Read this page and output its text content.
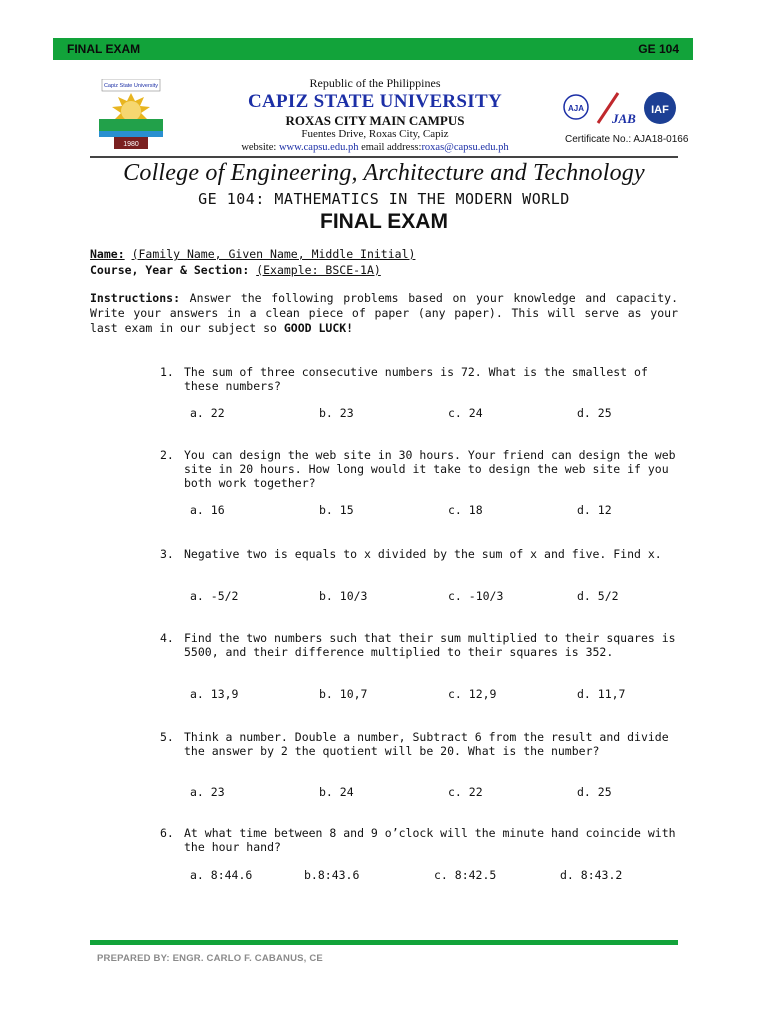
FINAL EXAM	GE 104
Capiz State University
1980
Republic of the Philippines
CAPIZ STATE UNIVERSITY
ROXAS CITY MAIN CAMPUS
Fuentes Drive, Roxas City, Capiz
website: www.capsu.edu.ph email address:roxas@capsu.edu.ph
AJA
JAB
IAF
Certificate No.: AJA18-0166
College of Engineering, Architecture and Technology
GE 104: MATHEMATICS IN THE MODERN WORLD
FINAL EXAM
Name: (Family Name, Given Name, Middle Initial)
Course, Year & Section: (Example: BSCE-1A)
Instructions: Answer the following problems based on your knowledge and capacity. Write your answers in a clean piece of paper (any paper). This will serve as your last exam in our subject so GOOD LUCK!
1. The sum of three consecutive numbers is 72. What is the smallest of these numbers?
a. 22	b. 23	c. 24	d. 25
2. You can design the web site in 30 hours. Your friend can design the web site in 20 hours. How long would it take to design the web site if you both work together?
a. 16	b. 15	c. 18	d. 12
3. Negative two is equals to x divided by the sum of x and five. Find x.
a. -5/2	b. 10/3	c. -10/3	d. 5/2
4. Find the two numbers such that their sum multiplied to their squares is 5500, and their difference multiplied to their squares is 352.
a. 13,9	b. 10,7	c. 12,9	d. 11,7
5. Think a number. Double a number, Subtract 6 from the result and divide the answer by 2 the quotient will be 20. What is the number?
a. 23	b. 24	c. 22	d. 25
6. At what time between 8 and 9 o’clock will the minute hand coincide with the hour hand?
a. 8:44.6	b.8:43.6	c. 8:42.5	d. 8:43.2
PREPARED BY: ENGR. CARLO F. CABANUS, CE
